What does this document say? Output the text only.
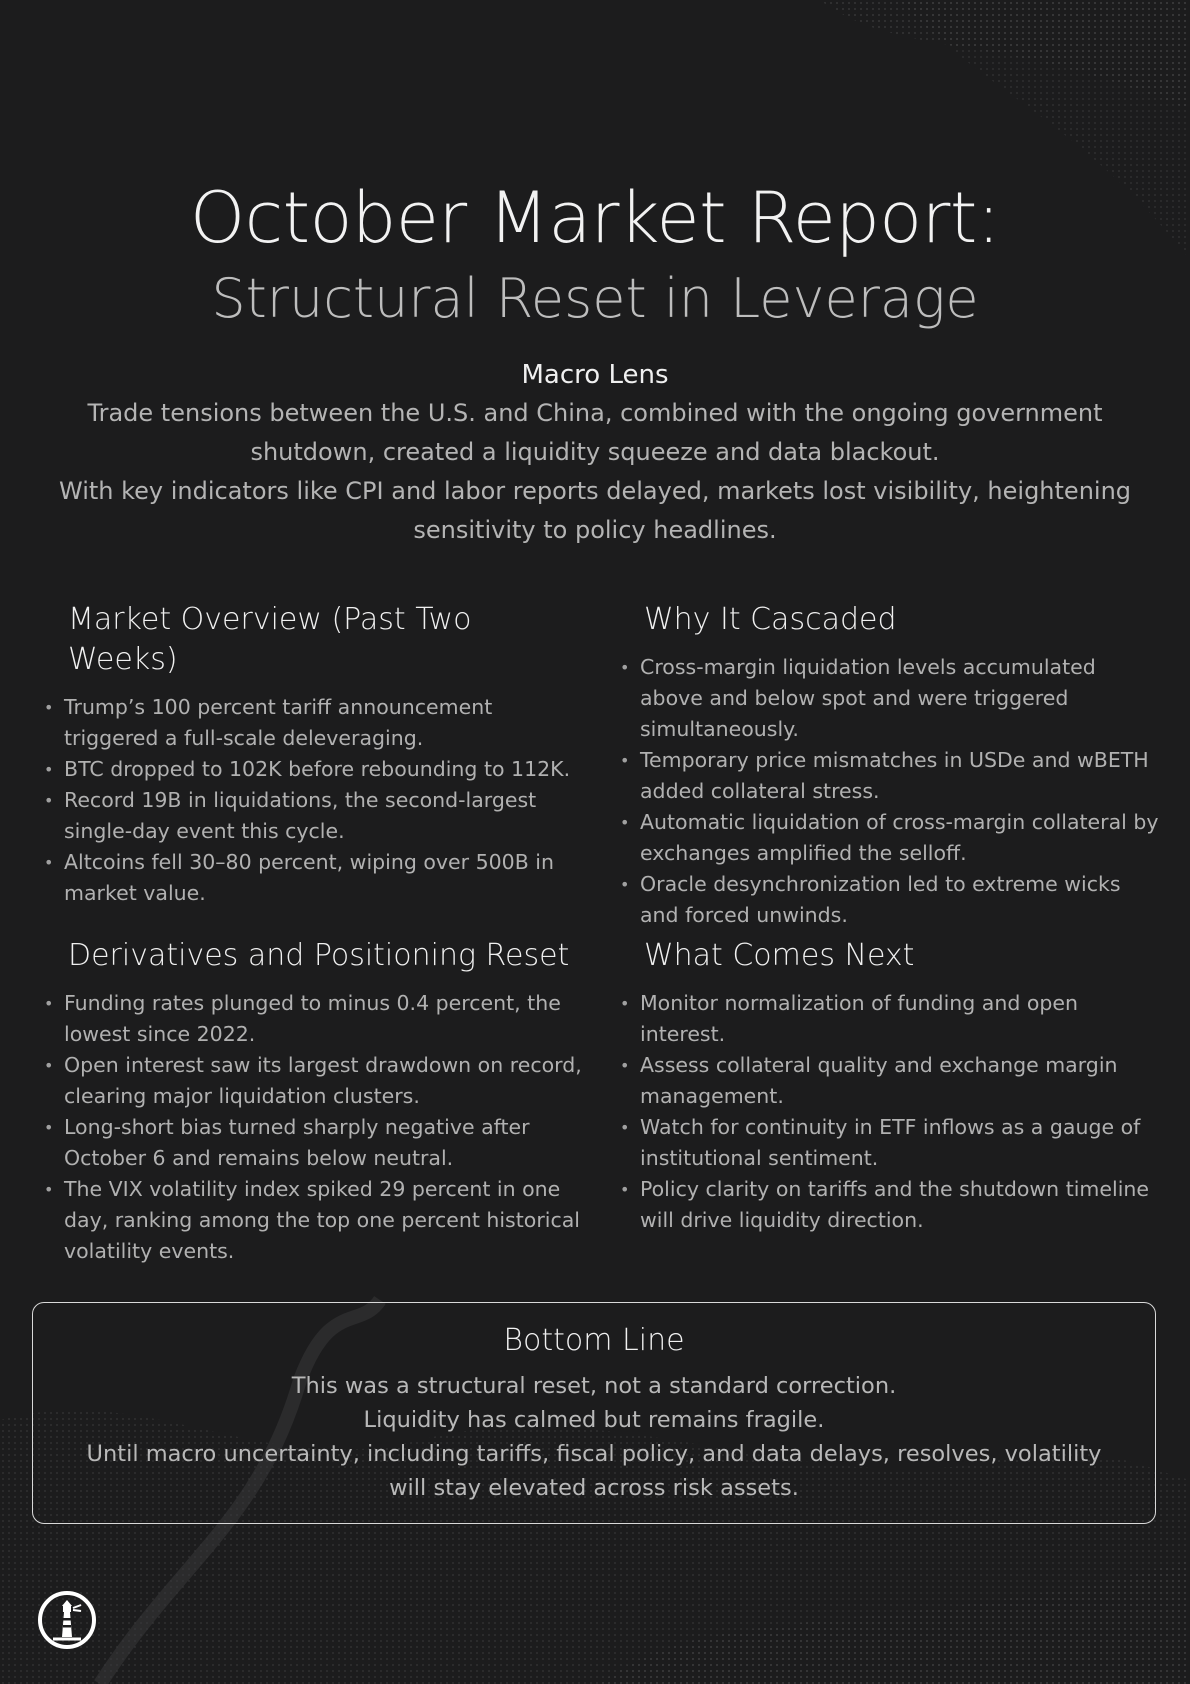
October Market Report:
Structural Reset in Leverage
Macro Lens

Trade tensions between the U.S. and China, combined with the ongoing government shutdown, created a liquidity squeeze and data blackout.

With key indicators like CPI and labor reports delayed, markets lost visibility, heightening sensitivity to policy headlines.

Market Overview (Past Two Weeks)
• Trump’s 100 percent tariff announcement triggered a full-scale deleveraging.
• BTC dropped to 102K before rebounding to 112K.
• Record 19B in liquidations, the second-largest single-day event this cycle.
• Altcoins fell 30–80 percent, wiping over 500B in market value.
Why It Cascaded
• Cross-margin liquidation levels accumulated above and below spot and were triggered simultaneously.
• Temporary price mismatches in USDe and wBETH added collateral stress.
• Automatic liquidation of cross-margin collateral by exchanges amplified the selloff.
• Oracle desynchronization led to extreme wicks and forced unwinds.
Derivatives and Positioning Reset
• Funding rates plunged to minus 0.4 percent, the lowest since 2022.
• Open interest saw its largest drawdown on record, clearing major liquidation clusters.
• Long-short bias turned sharply negative after October 6 and remains below neutral.
• The VIX volatility index spiked 29 percent in one day, ranking among the top one percent historical volatility events.
What Comes Next
• Monitor normalization of funding and open interest.
• Assess collateral quality and exchange margin management.
• Watch for continuity in ETF inflows as a gauge of institutional sentiment.
• Policy clarity on tariffs and the shutdown timeline will drive liquidity direction.
Bottom Line

This was a structural reset, not a standard correction.

Liquidity has calmed but remains fragile.

Until macro uncertainty, including tariffs, fiscal policy, and data delays, resolves, volatility will stay elevated across risk assets.
